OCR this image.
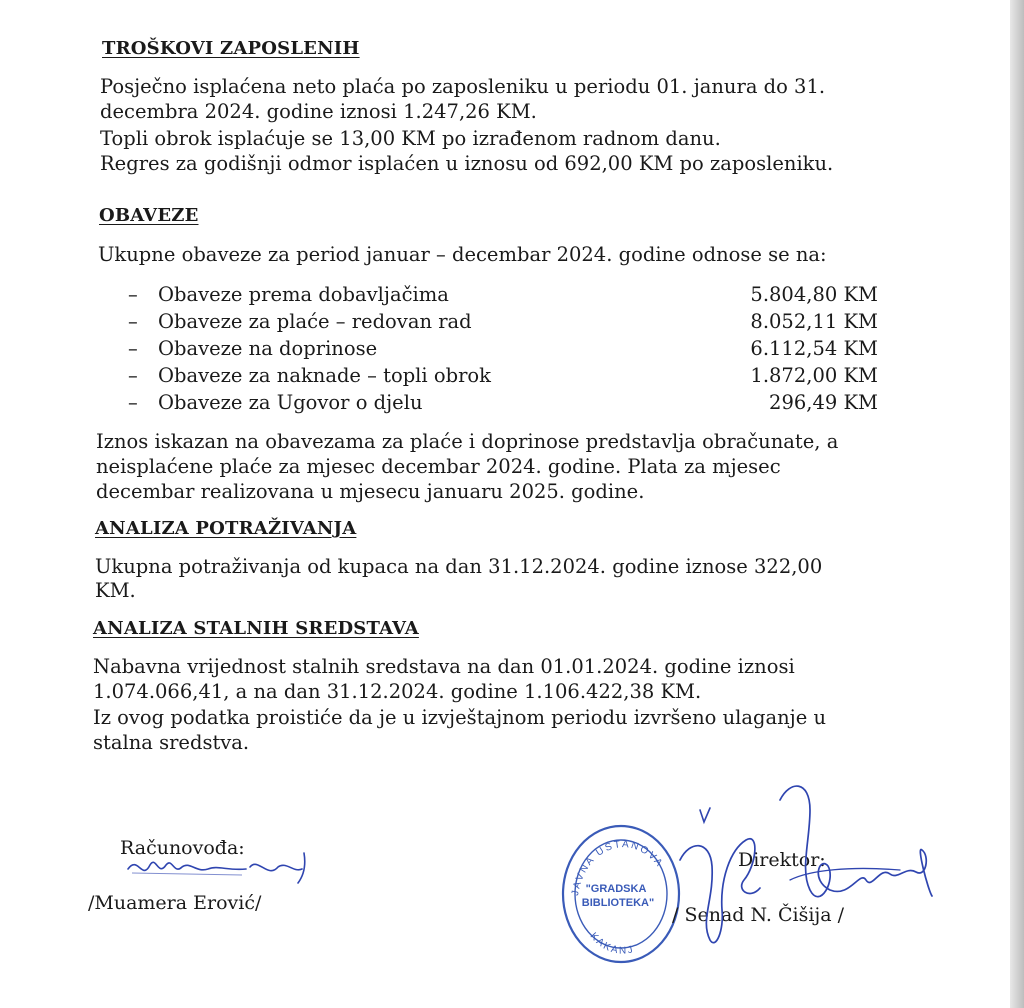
TROŠKOVI ZAPOSLENIH
Posječno isplaćena neto plaća po zaposleniku u periodu 01. janura do 31.
decembra 2024. godine iznosi 1.247,26 KM.
Topli obrok isplaćuje se 13,00 KM po izrađenom radnom danu.
Regres za godišnji odmor isplaćen u iznosu od 692,00 KM po zaposleniku.
OBAVEZE
Ukupne obaveze za period januar – decembar 2024. godine odnose se na:
– Obaveze prema dobavljačima	5.804,80 KM
– Obaveze za plaće – redovan rad	8.052,11 KM
– Obaveze na doprinose	6.112,54 KM
– Obaveze za naknade – topli obrok	1.872,00 KM
– Obaveze za Ugovor o djelu	296,49 KM
Iznos iskazan na obavezama za plaće i doprinose predstavlja obračunate, a
neisplaćene plaće za mjesec decembar 2024. godine. Plata za mjesec
decembar realizovana u mjesecu januaru 2025. godine.
ANALIZA POTRAŽIVANJA
Ukupna potraživanja od kupaca na dan 31.12.2024. godine iznose 322,00
KM.
ANALIZA STALNIH SREDSTAVA
Nabavna vrijednost stalnih sredstava na dan 01.01.2024. godine iznosi
1.074.066,41, a na dan 31.12.2024. godine 1.106.422,38 KM.
Iz ovog podatka proistiće da je u izvještajnom periodu izvršeno ulaganje u
stalna sredstva.
Računovođa:
/Muamera Erović/	JAVNA USTANOVA
"GRADSKA
BIBLIOTEKA"
KAKANJ
Direktor:
/ Senad N. Čišija /
